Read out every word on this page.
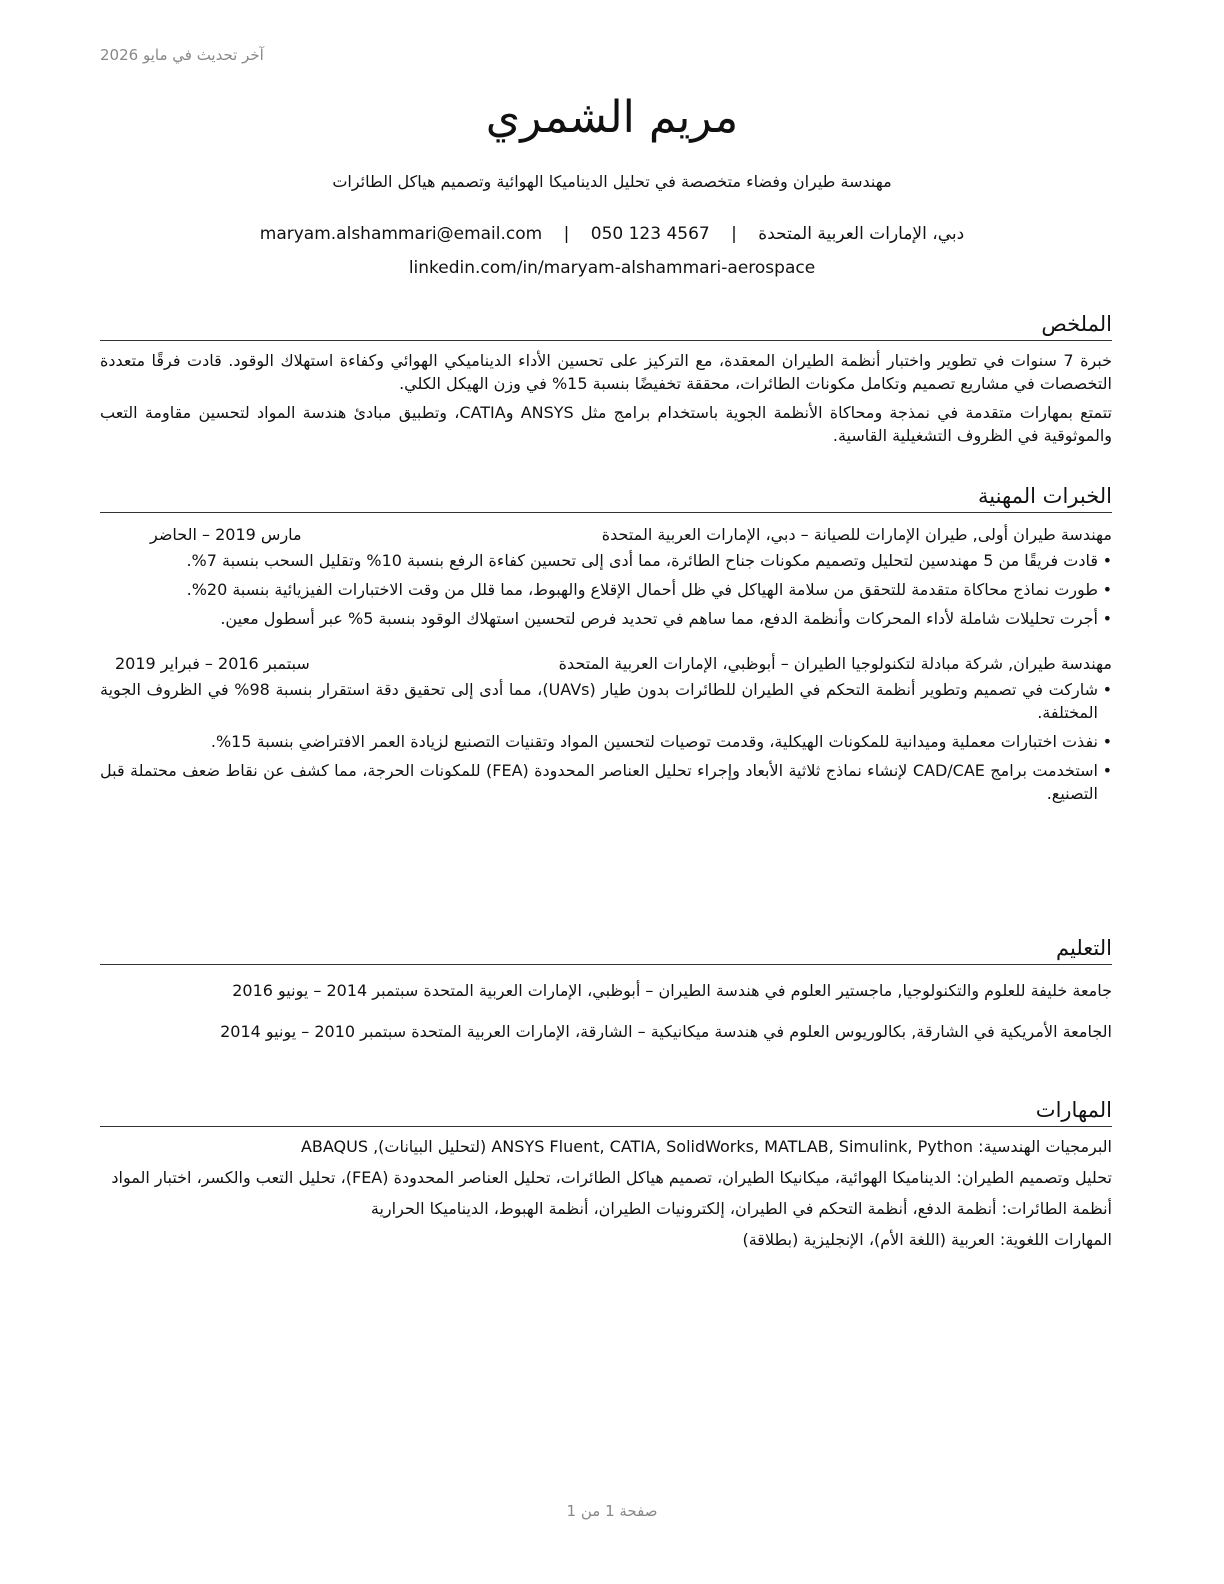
آخر تحديث في مايو 2026
مريم الشمري
مهندسة طيران وفضاء متخصصة في تحليل الديناميكا الهوائية وتصميم هياكل الطائرات
دبي، الإمارات العربية المتحدة | maryam.alshammari@email.com | 050 123 4567
linkedin.com/in/maryam-alshammari-aerospace
الملخص
خبرة 7 سنوات في تطوير واختبار أنظمة الطيران المعقدة، مع التركيز على تحسين الأداء الديناميكي الهوائي وكفاءة استهلاك الوقود. قادت فرقًا متعددة التخصصات في مشاريع تصميم وتكامل مكونات الطائرات، محققة تخفيضًا بنسبة 15% في وزن الهيكل الكلي.
تتمتع بمهارات متقدمة في نمذجة ومحاكاة الأنظمة الجوية باستخدام برامج مثل ANSYS وCATIA، وتطبيق مبادئ هندسة المواد لتحسين مقاومة التعب والموثوقية في الظروف التشغيلية القاسية.
الخبرات المهنية
مهندسة طيران أولى, طيران الإمارات للصيانة – دبي، الإمارات العربية المتحدة
مارس 2019 – الحاضر
• قادت فريقًا من 5 مهندسين لتحليل وتصميم مكونات جناح الطائرة، مما أدى إلى تحسين كفاءة الرفع بنسبة 10% وتقليل السحب بنسبة 7%.
• طورت نماذج محاكاة متقدمة للتحقق من سلامة الهياكل في ظل أحمال الإقلاع والهبوط، مما قلل من وقت الاختبارات الفيزيائية بنسبة 20%.
• أجرت تحليلات شاملة لأداء المحركات وأنظمة الدفع، مما ساهم في تحديد فرص لتحسين استهلاك الوقود بنسبة 5% عبر أسطول معين.
مهندسة طيران, شركة مبادلة لتكنولوجيا الطيران – أبوظبي، الإمارات العربية المتحدة
سبتمبر 2016 – فبراير 2019
• شاركت في تصميم وتطوير أنظمة التحكم في الطيران للطائرات بدون طيار (UAVs)، مما أدى إلى تحقيق دقة استقرار بنسبة 98% في الظروف الجوية المختلفة.
• نفذت اختبارات معملية وميدانية للمكونات الهيكلية، وقدمت توصيات لتحسين المواد وتقنيات التصنيع لزيادة العمر الافتراضي بنسبة 15%.
• استخدمت برامج CAD/CAE لإنشاء نماذج ثلاثية الأبعاد وإجراء تحليل العناصر المحدودة (FEA) للمكونات الحرجة، مما كشف عن نقاط ضعف محتملة قبل التصنيع.
التعليم
جامعة خليفة للعلوم والتكنولوجيا, ماجستير العلوم في هندسة الطيران – أبوظبي، الإمارات العربية المتحدة سبتمبر 2014 – يونيو 2016
الجامعة الأمريكية في الشارقة, بكالوريوس العلوم في هندسة ميكانيكية – الشارقة، الإمارات العربية المتحدة سبتمبر 2010 – يونيو 2014
المهارات
البرمجيات الهندسية: ANSYS Fluent, CATIA, SolidWorks, MATLAB, Simulink, Python (لتحليل البيانات), ABAQUS
تحليل وتصميم الطيران: الديناميكا الهوائية، ميكانيكا الطيران، تصميم هياكل الطائرات، تحليل العناصر المحدودة (FEA)، تحليل التعب والكسر، اختبار المواد
أنظمة الطائرات: أنظمة الدفع، أنظمة التحكم في الطيران، إلكترونيات الطيران، أنظمة الهبوط، الديناميكا الحرارية
المهارات اللغوية: العربية (اللغة الأم)، الإنجليزية (بطلاقة)
صفحة 1 من 1
